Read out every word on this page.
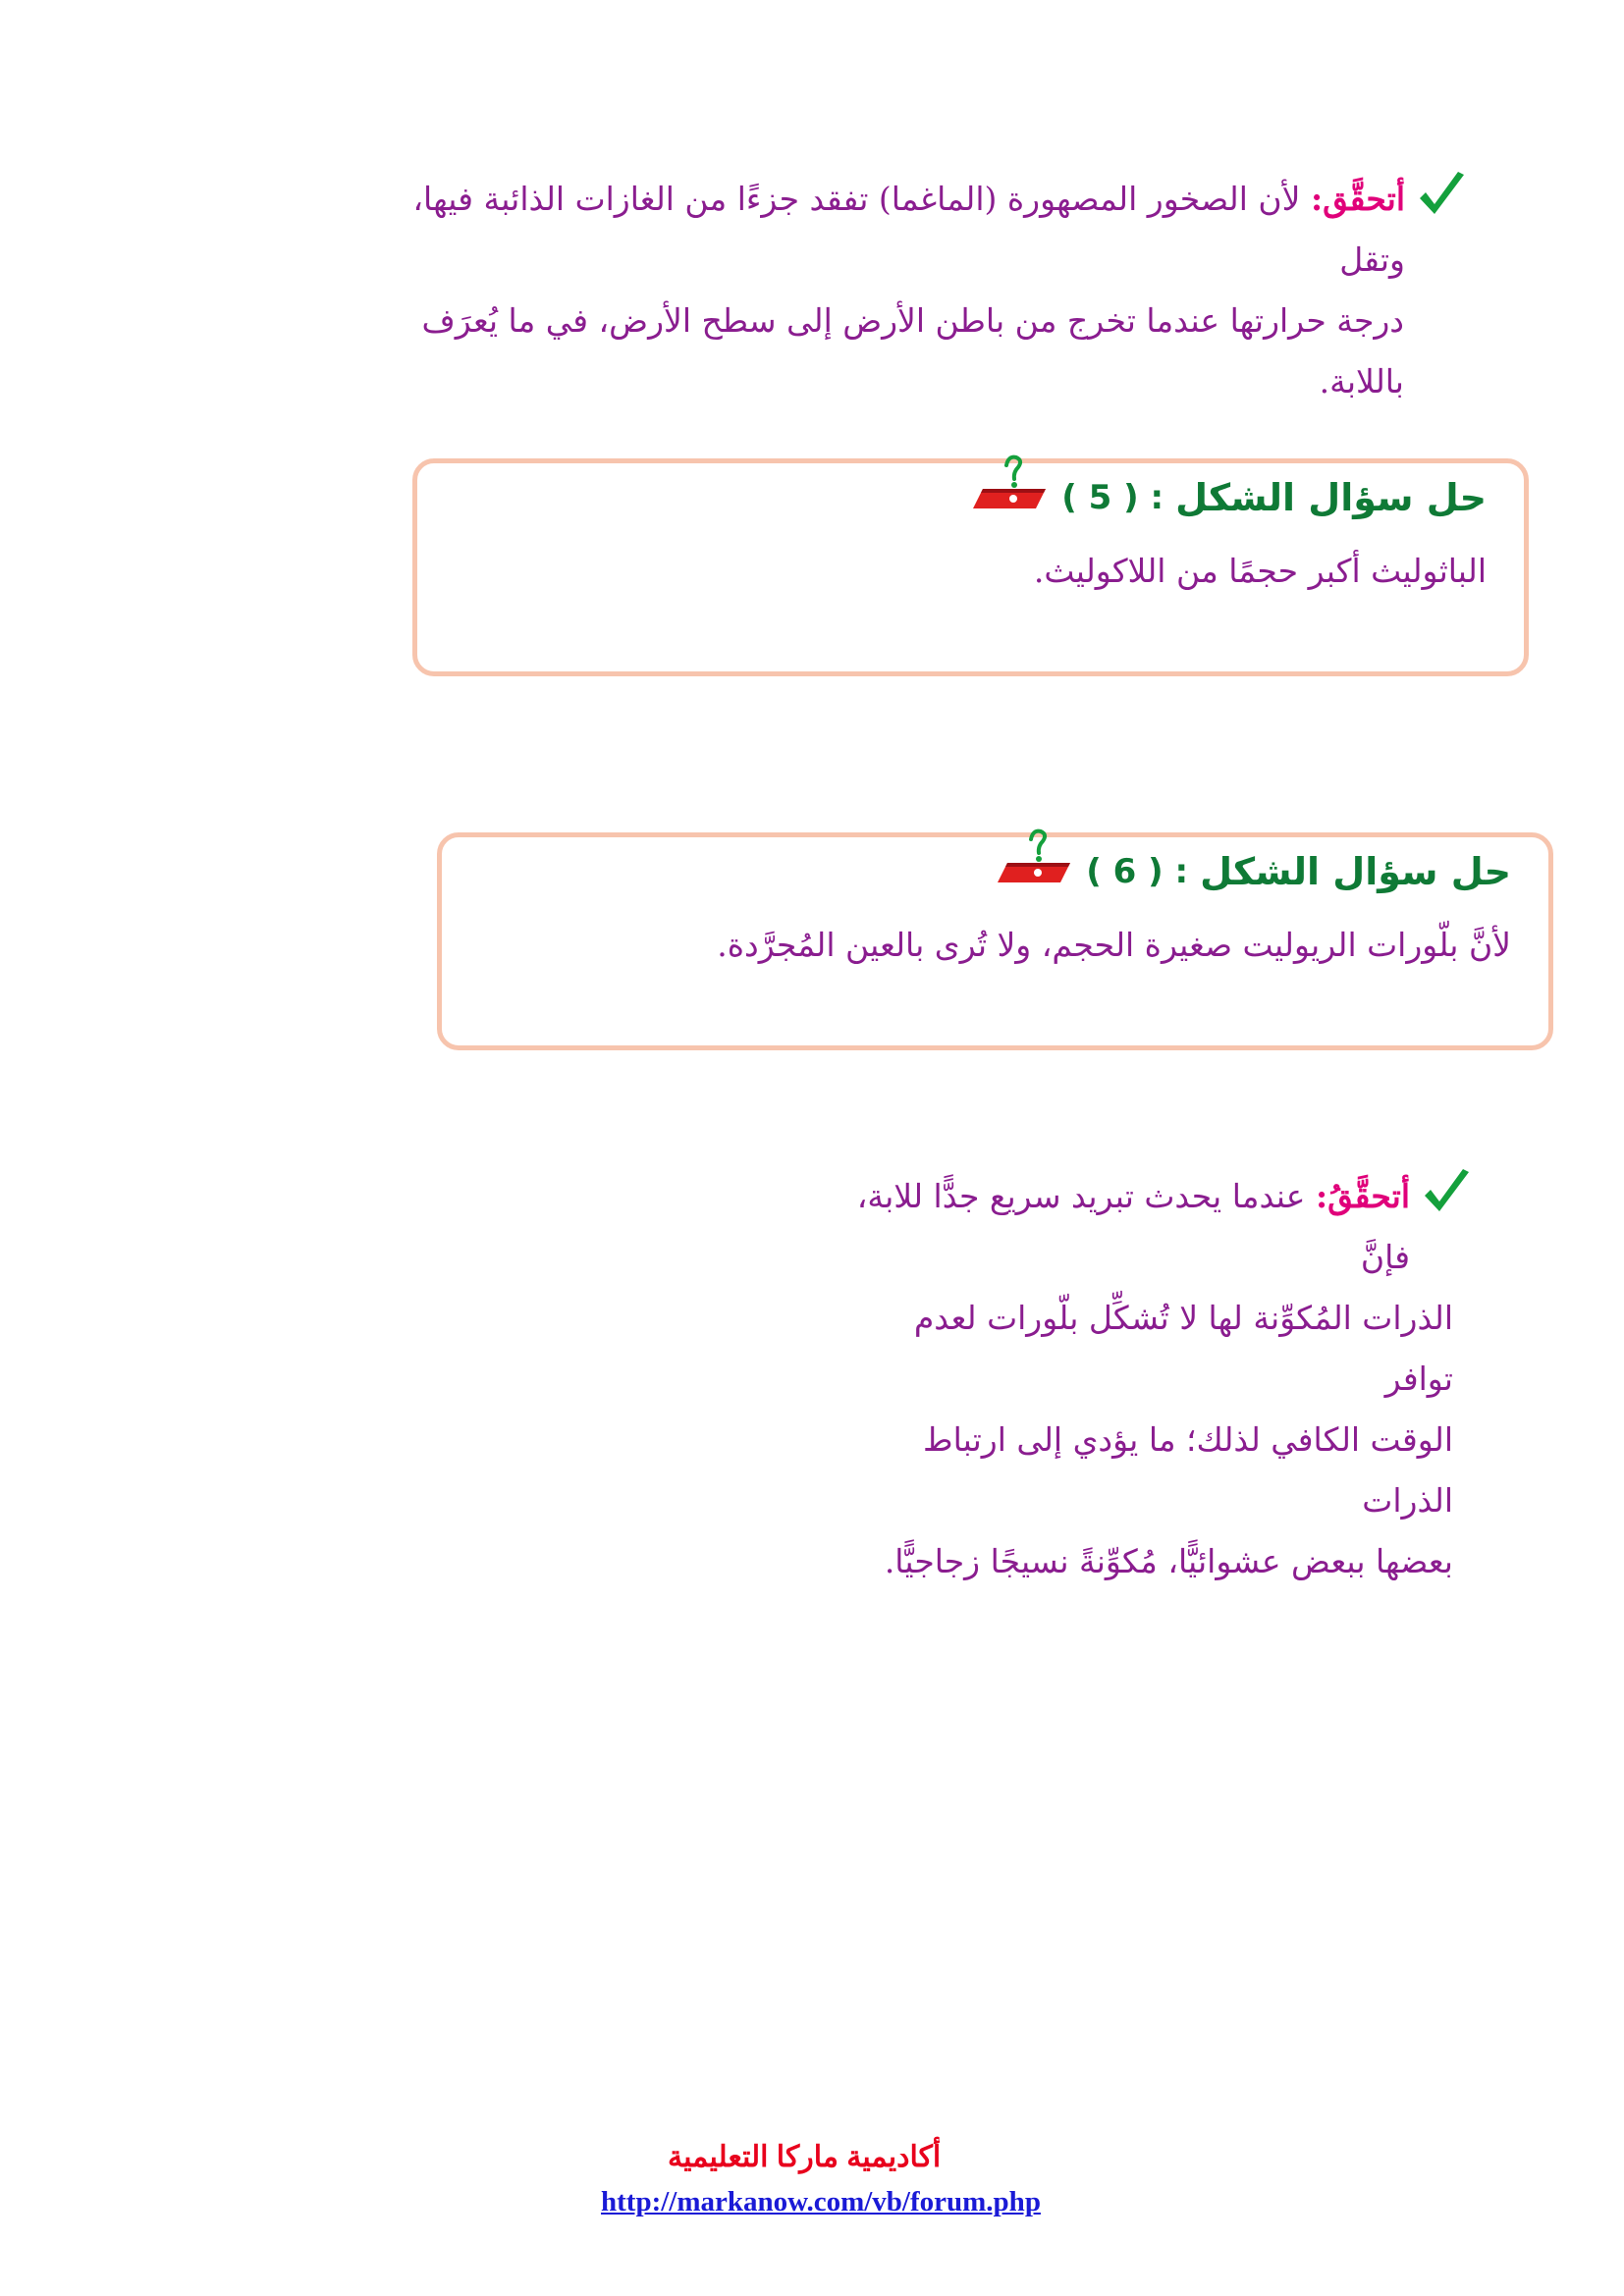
أتحقَّق: لأن الصخور المصهورة (الماغما) تفقد جزءًا من الغازات الذائبة فيها، وتقل
درجة حرارتها عندما تخرج من باطن الأرض إلى سطح الأرض، في ما يُعرَف باللابة.
حل سؤال الشكل
: ( 5 )
الباثوليث أكبر حجمًا من اللاكوليث.
حل سؤال الشكل
: ( 6 )
لأنَّ بلّورات الريوليت صغيرة الحجم، ولا تُرى بالعين المُجرَّدة.
أتحقَّقُ: عندما يحدث تبريد سريع جدًّا للابة، فإنَّ
الذرات المُكوِّنة لها لا تُشكِّل بلّورات لعدم توافر
الوقت الكافي لذلك؛ ما يؤدي إلى ارتباط الذرات
بعضها ببعض عشوائيًّا، مُكوِّنةً نسيجًا زجاجيًّا.
أكاديمية ماركا التعليمية
http://markanow.com/vb/forum.php
